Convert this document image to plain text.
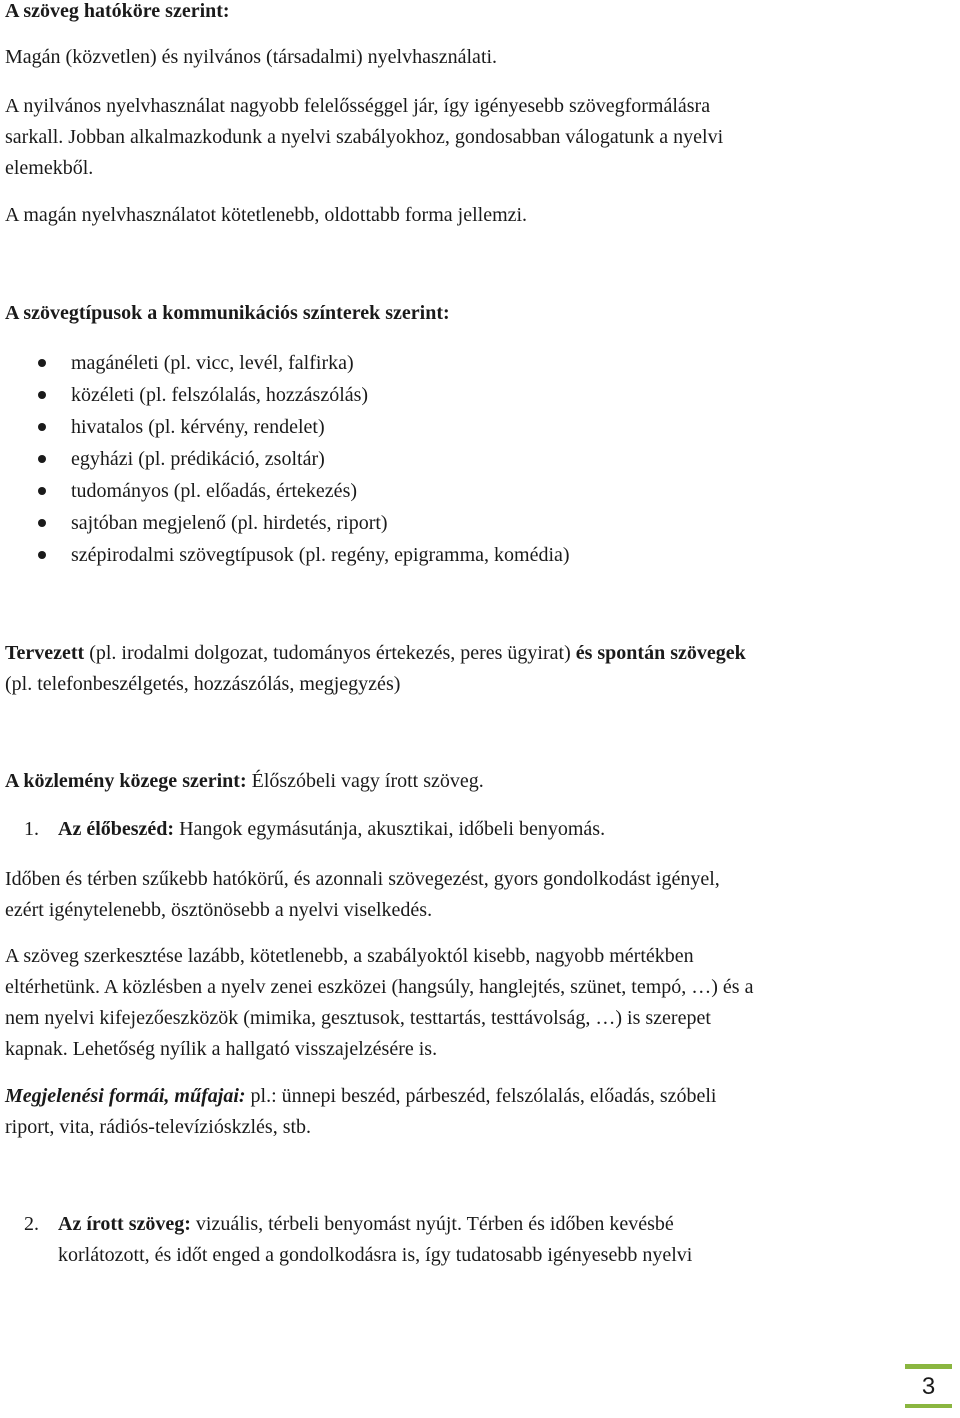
A szöveg hatóköre szerint:
Magán (közvetlen) és nyilvános (társadalmi) nyelvhasználati.
A nyilvános nyelvhasználat nagyobb felelősséggel jár, így igényesebb szövegformálásra
sarkall. Jobban alkalmazkodunk a nyelvi szabályokhoz, gondosabban válogatunk a nyelvi
elemekből.
A magán nyelvhasználatot kötetlenebb, oldottabb forma jellemzi.
A szövegtípusok a kommunikációs színterek szerint:
magánéleti (pl. vicc, levél, falfirka)
közéleti (pl. felszólalás, hozzászólás)
hivatalos (pl. kérvény, rendelet)
egyházi (pl. prédikáció, zsoltár)
tudományos (pl. előadás, értekezés)
sajtóban megjelenő (pl. hirdetés, riport)
szépirodalmi szövegtípusok (pl. regény, epigramma, komédia)
Tervezett (pl. irodalmi dolgozat, tudományos értekezés, peres ügyirat) és spontán szövegek
(pl. telefonbeszélgetés, hozzászólás, megjegyzés)
A közlemény közege szerint: Élőszóbeli vagy írott szöveg.
1. Az élőbeszéd: Hangok egymásutánja, akusztikai, időbeli benyomás.
Időben és térben szűkebb hatókörű, és azonnali szövegezést, gyors gondolkodást igényel,
ezért igénytelenebb, ösztönösebb a nyelvi viselkedés.
A szöveg szerkesztése lazább, kötetlenebb, a szabályoktól kisebb, nagyobb mértékben
eltérhetünk. A közlésben a nyelv zenei eszközei (hangsúly, hanglejtés, szünet, tempó, …) és a
nem nyelvi kifejezőeszközök (mimika, gesztusok, testtartás, testtávolság, …) is szerepet
kapnak. Lehetőség nyílik a hallgató visszajelzésére is.
Megjelenési formái, műfajai: pl.: ünnepi beszéd, párbeszéd, felszólalás, előadás, szóbeli
riport, vita, rádiós-televízióskzlés, stb.
2. Az írott szöveg: vizuális, térbeli benyomást nyújt. Térben és időben kevésbé
korlátozott, és időt enged a gondolkodásra is, így tudatosabb igényesebb nyelvi
3
